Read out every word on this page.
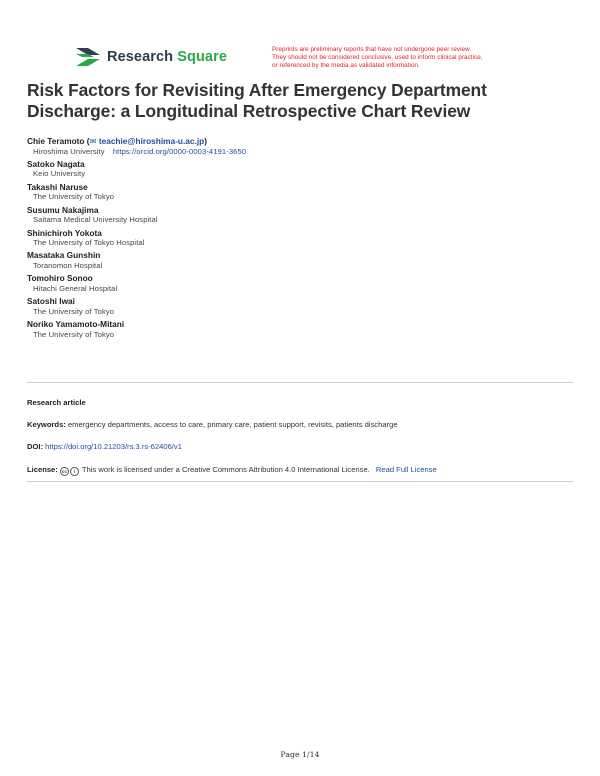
Research Square	Preprints are preliminary reports that have not undergone peer review.
They should not be considered conclusive, used to inform clinical practice,
or referenced by the media as validated information.
Risk Factors for Revisiting After Emergency Department Discharge: a Longitudinal Retrospective Chart Review
Chie Teramoto (✉ teachie@hiroshima-u.ac.jp)
Hiroshima University https://orcid.org/0000-0003-4191-3650
Satoko Nagata
Keio University
Takashi Naruse
The University of Tokyo
Susumu Nakajima
Saitama Medical University Hospital
Shinichiroh Yokota
The University of Tokyo Hospital
Masataka Gunshin
Toranomon Hospital
Tomohiro Sonoo
Hitachi General Hospital
Satoshi Iwai
The University of Tokyo
Noriko Yamamoto-Mitani
The University of Tokyo
Research article
Keywords: emergency departments, access to care, primary care, patient support, revisits, patients discharge
DOI: https://doi.org/10.21203/rs.3.rs-62406/v1
License: cc i This work is licensed under a Creative Commons Attribution 4.0 International License. Read Full License
Page 1/14
